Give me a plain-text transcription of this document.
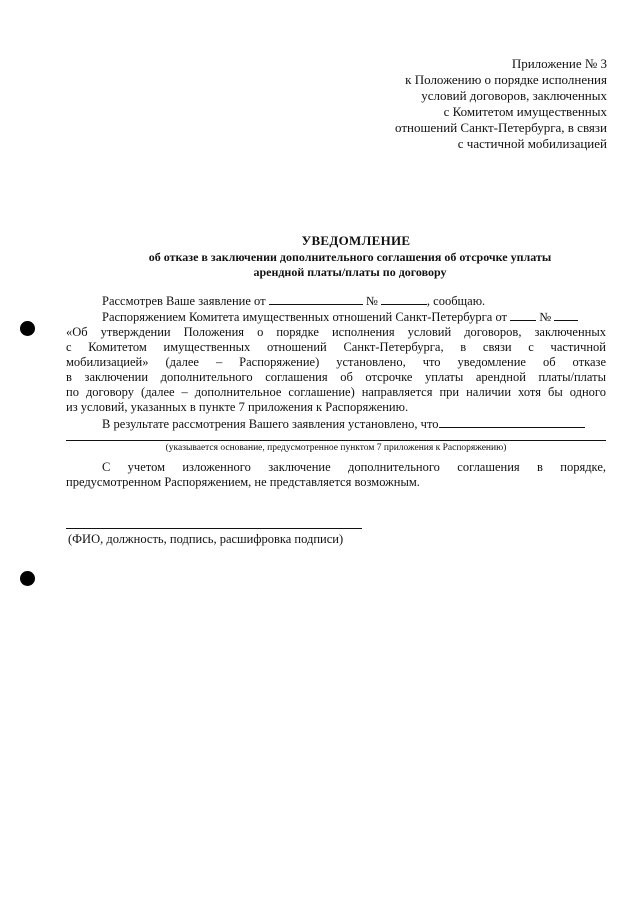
Приложение № 3
к Положению о порядке исполнения
условий договоров, заключенных
с Комитетом имущественных
отношений Санкт-Петербурга, в связи
с частичной мобилизацией
УВЕДОМЛЕНИЕ
об отказе в заключении дополнительного соглашения об отсрочке уплаты
арендной платы/платы по договору
Рассмотрев Ваше заявление от	№	, сообщаю.
Распоряжением Комитета имущественных отношений Санкт-Петербурга от	№
«Об утверждении Положения о порядке исполнения условий договоров, заключенных
с Комитетом имущественных отношений Санкт-Петербурга, в связи с частичной
мобилизацией» (далее – Распоряжение) установлено, что уведомление об отказе
в заключении дополнительного соглашения об отсрочке уплаты арендной платы/платы
по договору (далее – дополнительное соглашение) направляется при наличии хотя бы одного
из условий, указанных в пункте 7 приложения к Распоряжению.
В результате рассмотрения Вашего заявления установлено, что
(указывается основание, предусмотренное пунктом 7 приложения к Распоряжению)
С учетом изложенного заключение дополнительного соглашения в порядке,
предусмотренном Распоряжением, не представляется возможным.
(ФИО, должность, подпись, расшифровка подписи)
